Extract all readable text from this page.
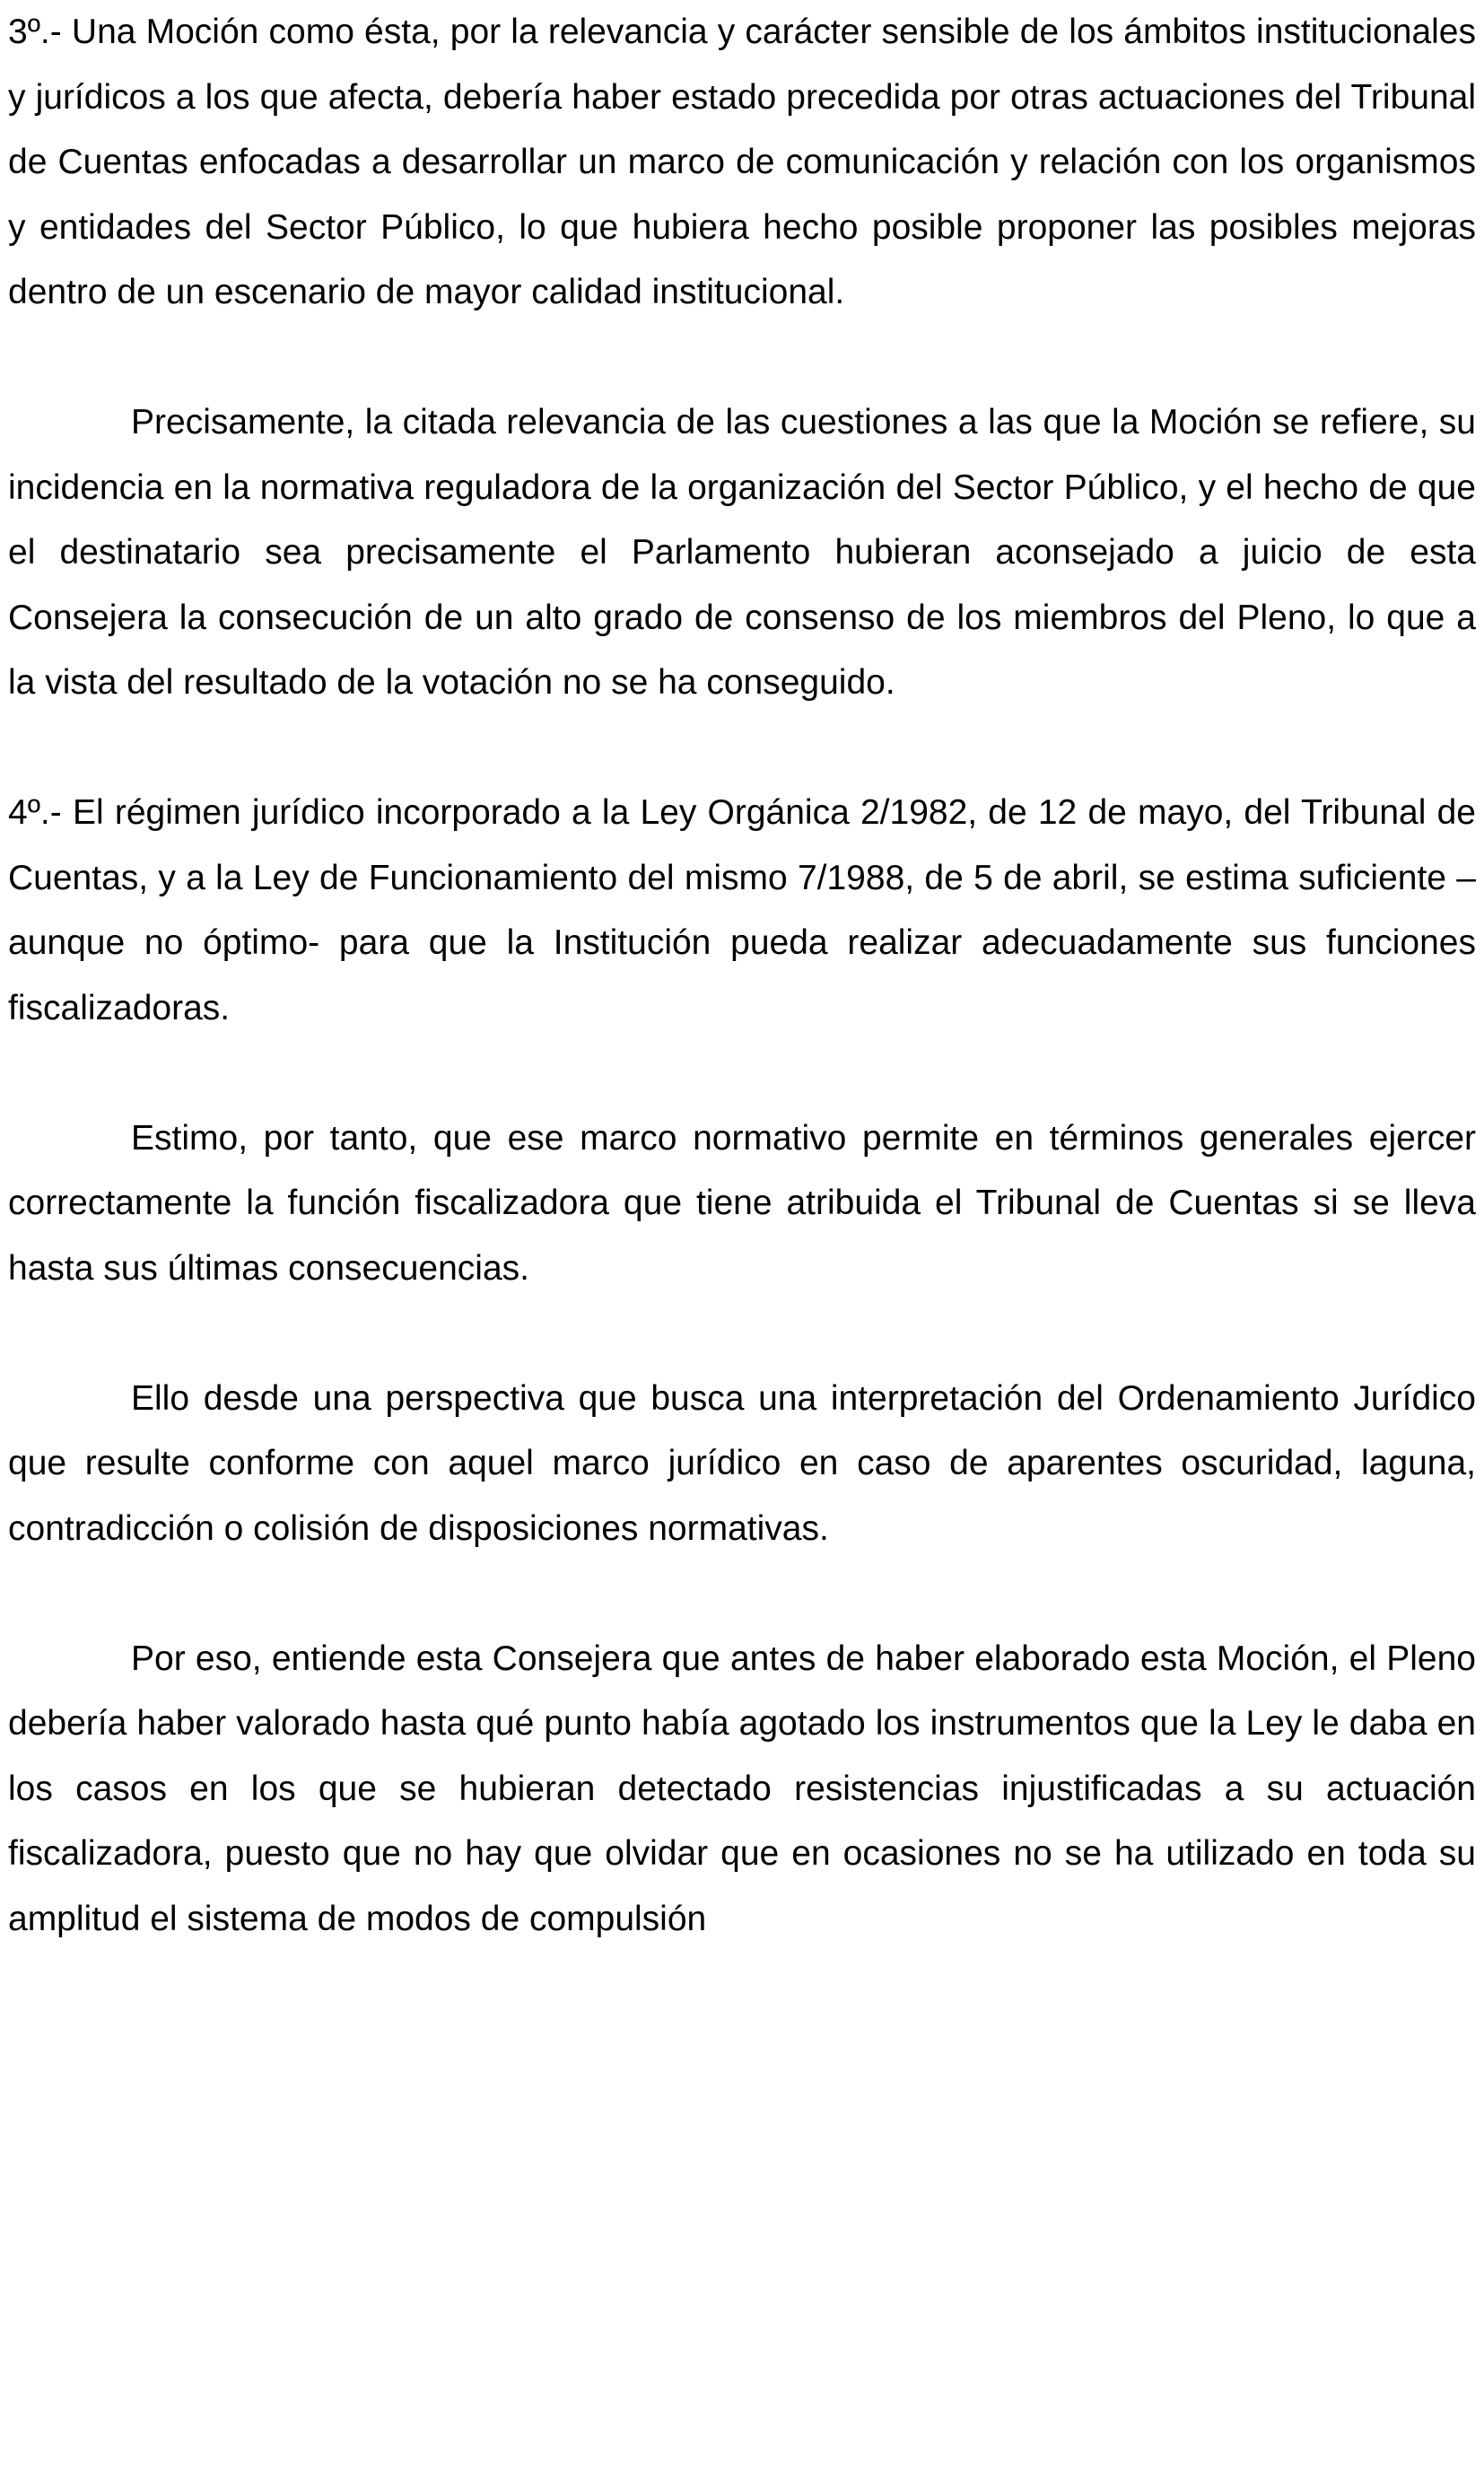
3º.- Una Moción como ésta, por la relevancia y carácter sensible de los ámbitos institucionales y jurídicos a los que afecta, debería haber estado precedida por otras actuaciones del Tribunal de Cuentas enfocadas a desarrollar un marco de comunicación y relación con los organismos y entidades del Sector Público, lo que hubiera hecho posible proponer las posibles mejoras dentro de un escenario de mayor calidad institucional.

Precisamente, la citada relevancia de las cuestiones a las que la Moción se refiere, su incidencia en la normativa reguladora de la organización del Sector Público, y el hecho de que el destinatario sea precisamente el Parlamento hubieran aconsejado a juicio de esta Consejera la consecución de un alto grado de consenso de los miembros del Pleno, lo que a la vista del resultado de la votación no se ha conseguido.

4º.- El régimen jurídico incorporado a la Ley Orgánica 2/1982, de 12 de mayo, del Tribunal de Cuentas, y a la Ley de Funcionamiento del mismo 7/1988, de 5 de abril, se estima suficiente –aunque no óptimo- para que la Institución pueda realizar adecuadamente sus funciones fiscalizadoras.

Estimo, por tanto, que ese marco normativo permite en términos generales ejercer correctamente la función fiscalizadora que tiene atribuida el Tribunal de Cuentas si se lleva hasta sus últimas consecuencias.

Ello desde una perspectiva que busca una interpretación del Ordenamiento Jurídico que resulte conforme con aquel marco jurídico en caso de aparentes oscuridad, laguna, contradicción o colisión de disposiciones normativas.

Por eso, entiende esta Consejera que antes de haber elaborado esta Moción, el Pleno debería haber valorado hasta qué punto había agotado los instrumentos que la Ley le daba en los casos en los que se hubieran detectado resistencias injustificadas a su actuación fiscalizadora, puesto que no hay que olvidar que en ocasiones no se ha utilizado en toda su amplitud el sistema de modos de compulsión
